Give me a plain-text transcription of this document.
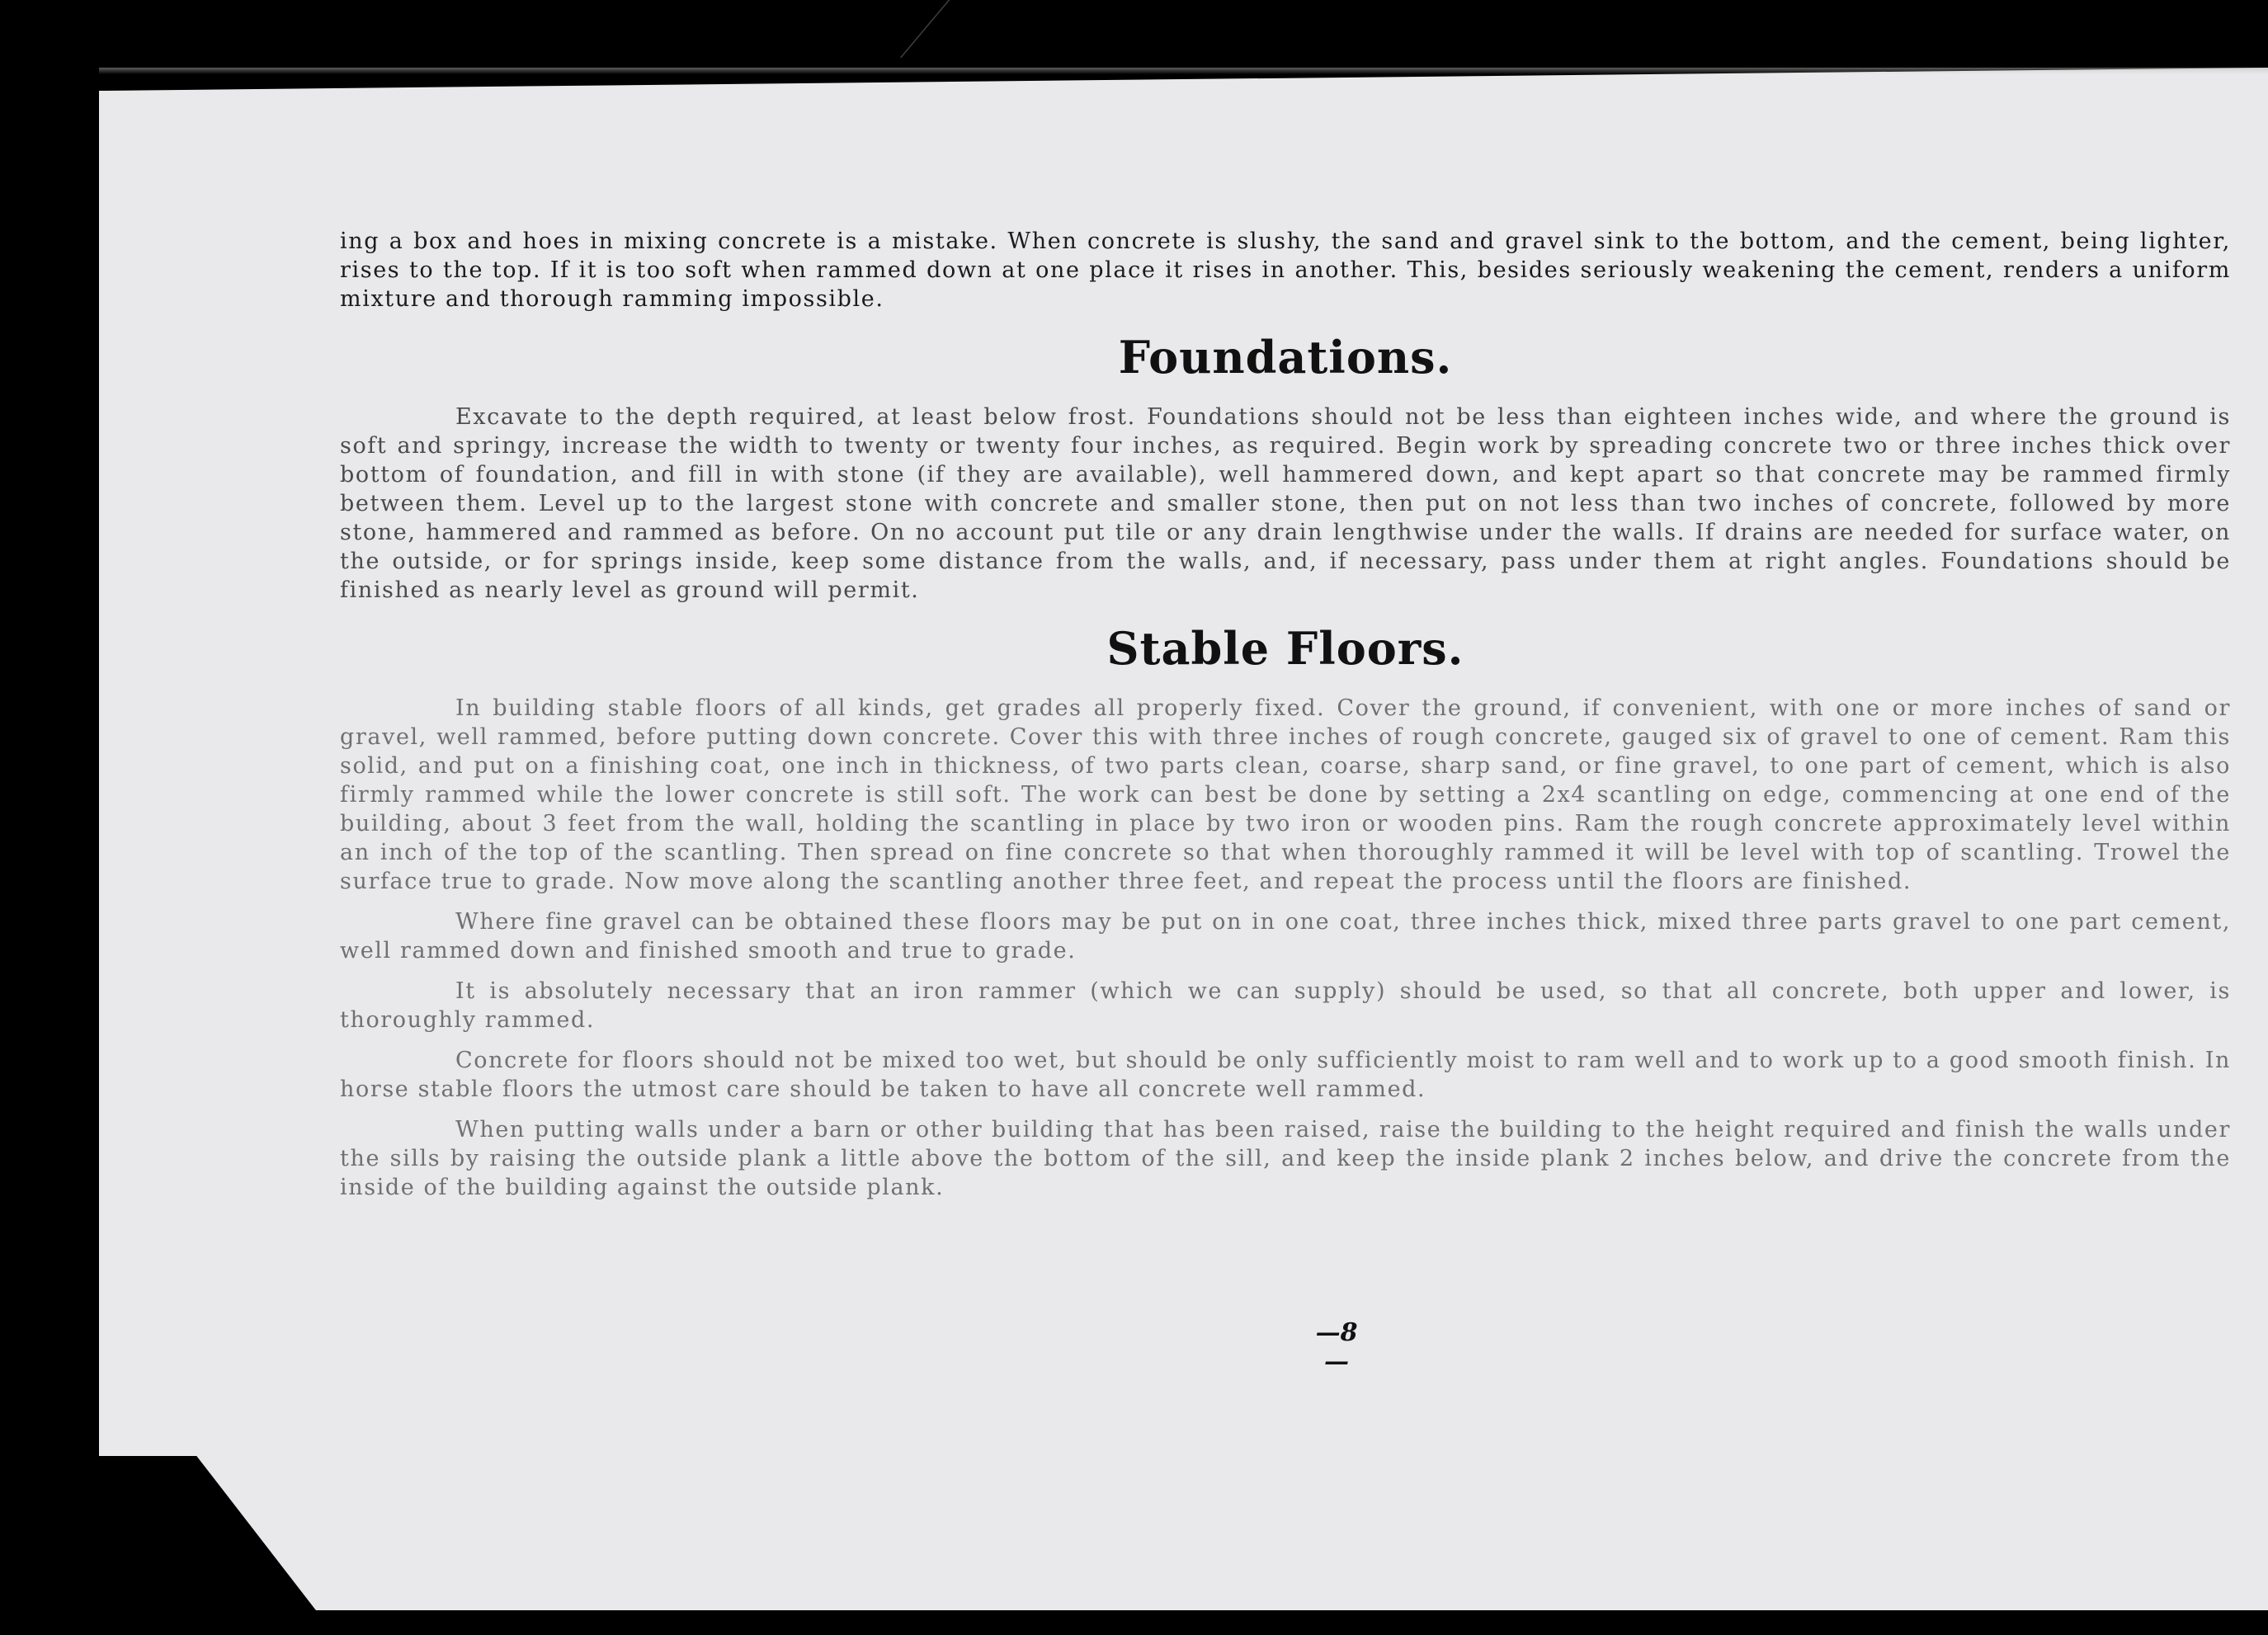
ing a box and hoes in mixing concrete is a mistake. When concrete is slushy, the sand and gravel sink to the bottom, and the cement, being lighter, rises to the top. If it is too soft when rammed down at one place it rises in another. This, besides seriously weakening the cement, renders a uniform mixture and thorough ramming impossible.

Foundations.

Excavate to the depth required, at least below frost. Foundations should not be less than eighteen inches wide, and where the ground is soft and springy, increase the width to twenty or twenty four inches, as required. Begin work by spreading concrete two or three inches thick over bottom of foundation, and fill in with stone (if they are available), well hammered down, and kept apart so that concrete may be rammed firmly between them. Level up to the largest stone with concrete and smaller stone, then put on not less than two inches of concrete, followed by more stone, hammered and rammed as before. On no account put tile or any drain lengthwise under the walls. If drains are needed for surface water, on the outside, or for springs inside, keep some distance from the walls, and, if necessary, pass under them at right angles. Foundations should be finished as nearly level as ground will permit.

Stable Floors.

In building stable floors of all kinds, get grades all properly fixed. Cover the ground, if convenient, with one or more inches of sand or gravel, well rammed, before putting down concrete. Cover this with three inches of rough concrete, gauged six of gravel to one of cement. Ram this solid, and put on a finishing coat, one inch in thickness, of two parts clean, coarse, sharp sand, or fine gravel, to one part of cement, which is also firmly rammed while the lower concrete is still soft. The work can best be done by setting a 2x4 scantling on edge, commencing at one end of the building, about 3 feet from the wall, holding the scantling in place by two iron or wooden pins. Ram the rough concrete approximately level within an inch of the top of the scantling. Then spread on fine concrete so that when thoroughly rammed it will be level with top of scantling. Trowel the surface true to grade. Now move along the scantling another three feet, and repeat the process until the floors are finished.

Where fine gravel can be obtained these floors may be put on in one coat, three inches thick, mixed three parts gravel to one part cement, well rammed down and finished smooth and true to grade.

It is absolutely necessary that an iron rammer (which we can supply) should be used, so that all concrete, both upper and lower, is thoroughly rammed.

Concrete for floors should not be mixed too wet, but should be only sufficiently moist to ram well and to work up to a good smooth finish. In horse stable floors the utmost care should be taken to have all concrete well rammed.

When putting walls under a barn or other building that has been raised, raise the building to the height required and finish the walls under the sills by raising the outside plank a little above the bottom of the sill, and keep the inside plank 2 inches below, and drive the concrete from the inside of the building against the outside plank.

—8—
